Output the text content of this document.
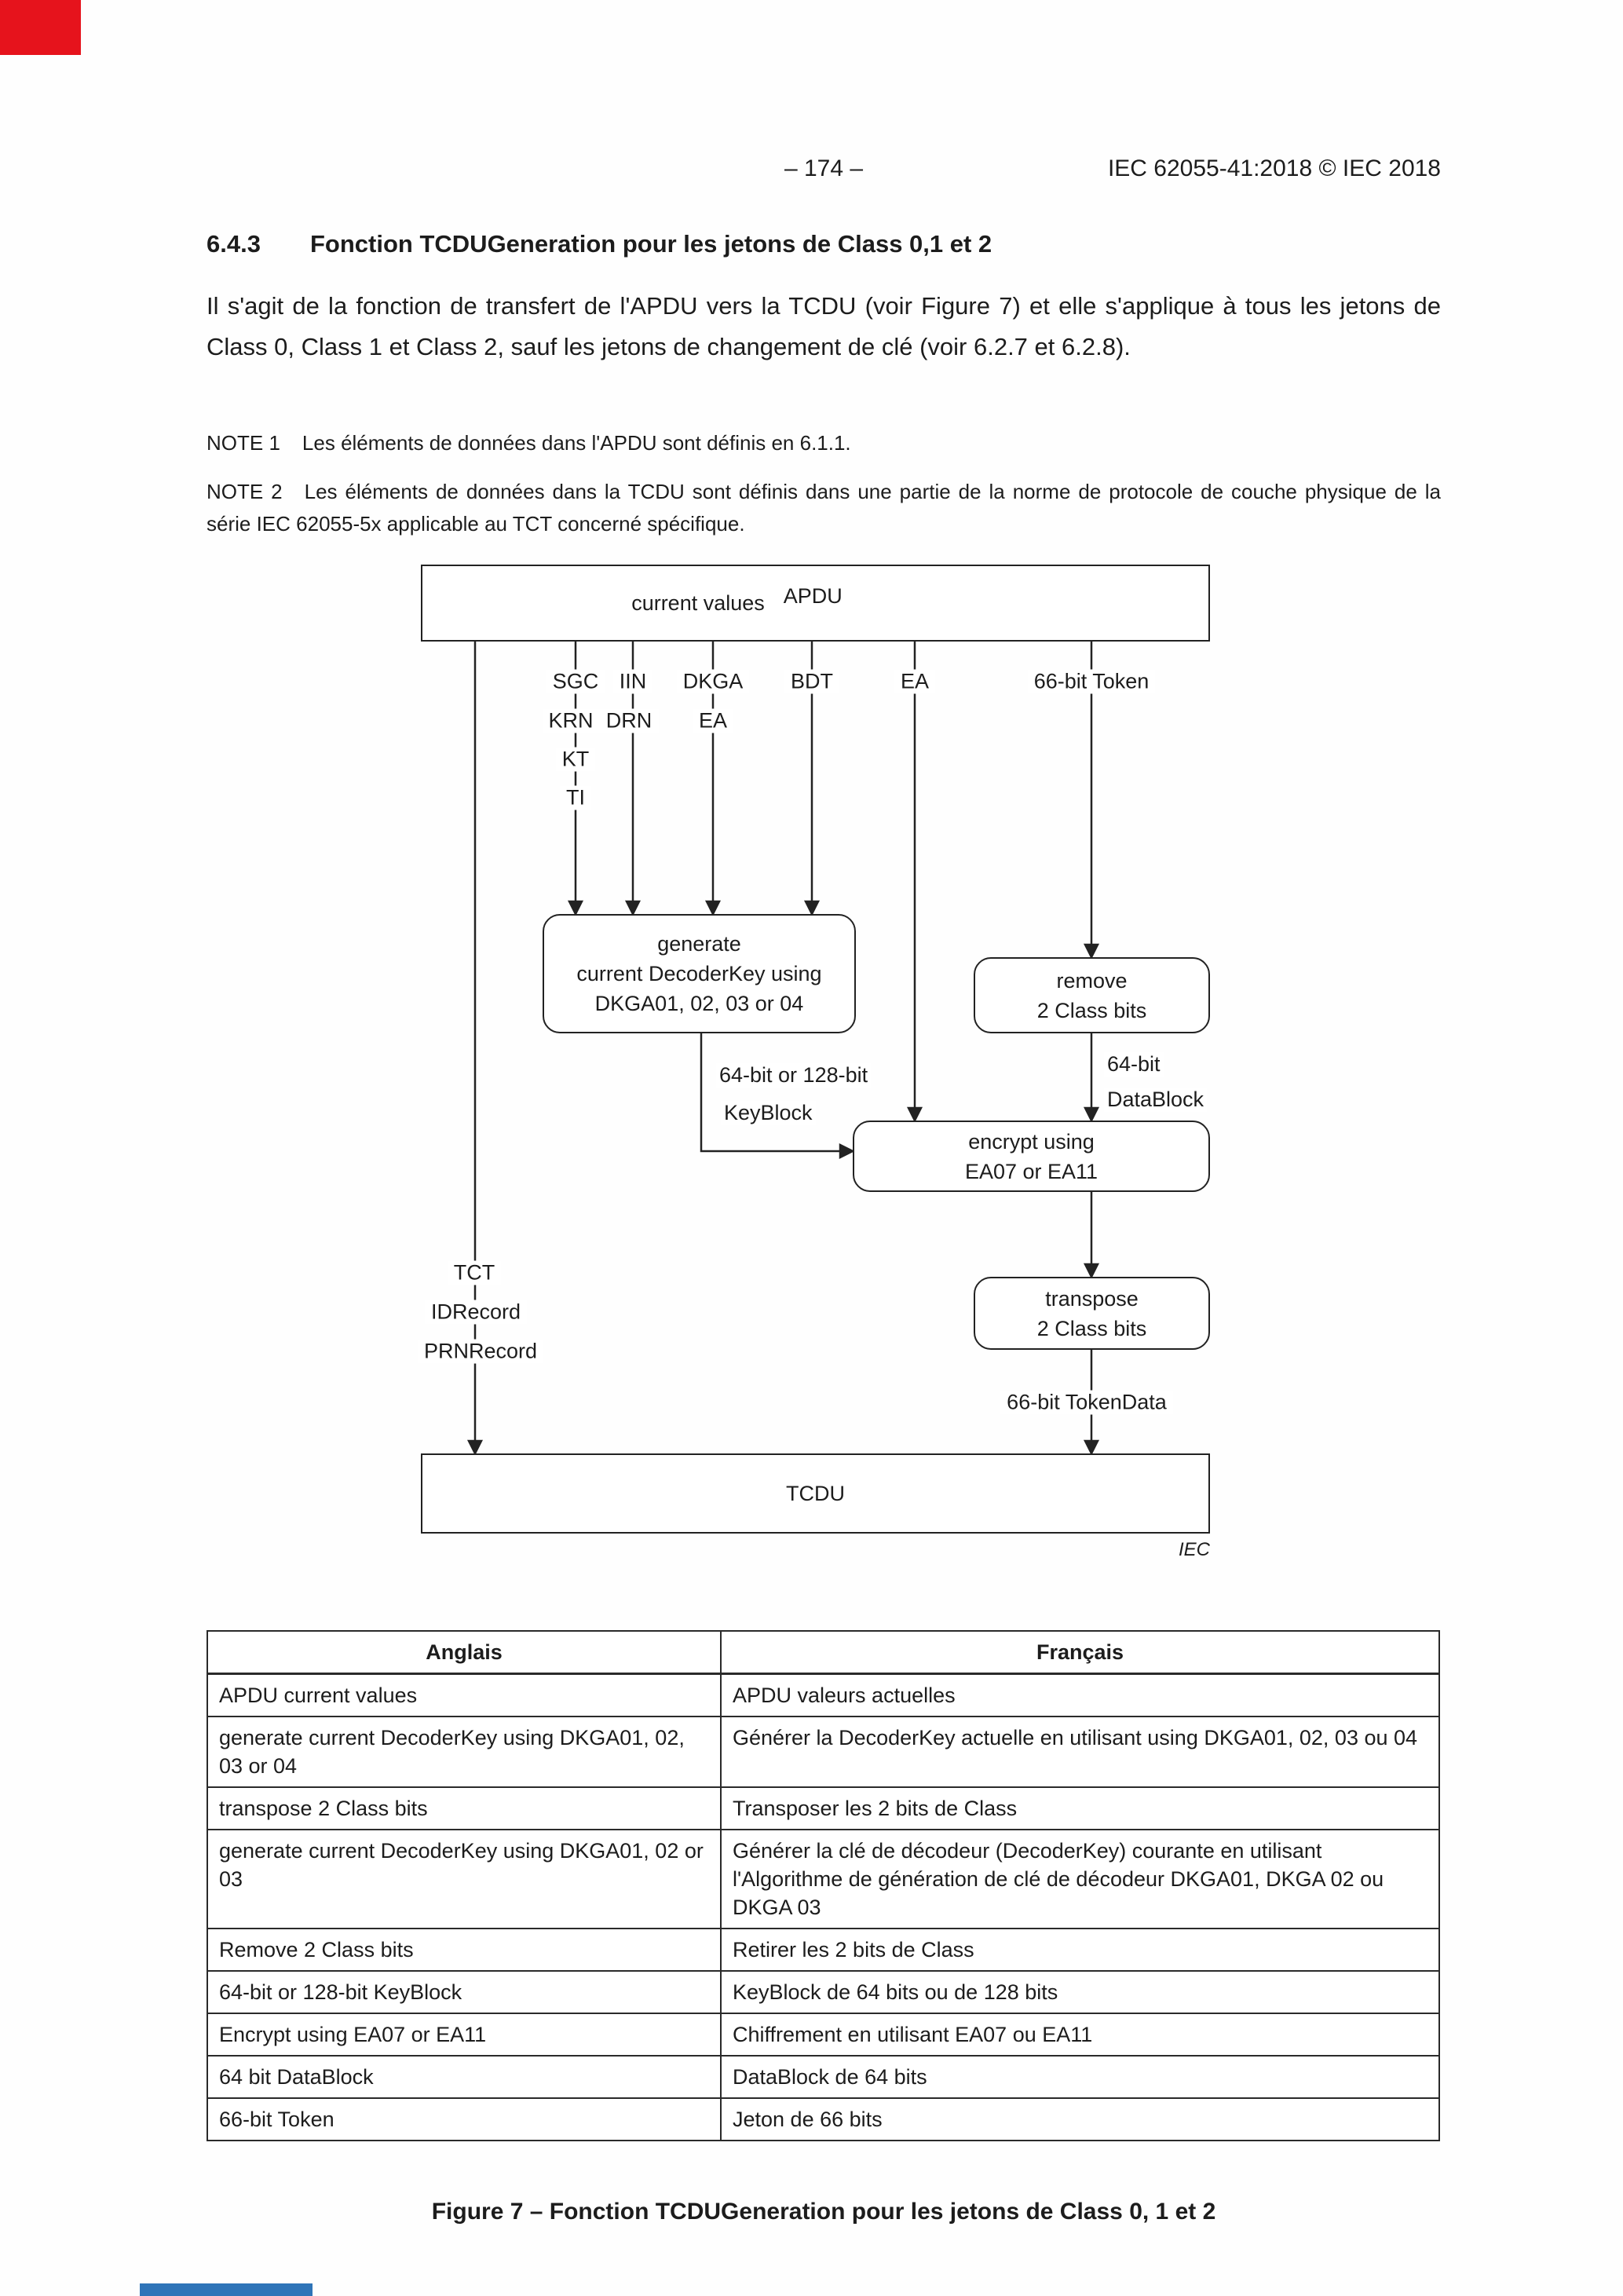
– 174 –	IEC 62055-41:2018 © IEC 2018
6.4.3 Fonction TCDUGeneration pour les jetons de Class 0,1 et 2

Il s'agit de la fonction de transfert de l'APDU vers la TCDU (voir Figure 7) et elle s'applique à tous les jetons de Class 0, Class 1 et Class 2, sauf les jetons de changement de clé (voir 6.2.7 et 6.2.8).

NOTE 1 Les éléments de données dans l'APDU sont définis en 6.1.1.

NOTE 2 Les éléments de données dans la TCDU sont définis dans une partie de la norme de protocole de couche physique de la série IEC 62055-5x applicable au TCT concerné spécifique.

current values APDU
SGC IIN DKGA BDT	EA	66-bit Token
KRN DRN EA
KT
TI
generate
current DecoderKey using
DKGA01, 02, 03 or 04
remove
2 Class bits
64-bit or 128-bit
KeyBlock
64-bit
DataBlock
encrypt using
EA07 or EA11
transpose
2 Class bits
66-bit TokenData
TCT
IDRecord
PRNRecord
TCDU
IEC
Anglais	Français
APDU current values	APDU valeurs actuelles
generate current DecoderKey using DKGA01, 02, 03 or 04	Générer la DecoderKey actuelle en utilisant using DKGA01, 02, 03 ou 04
transpose 2 Class bits	Transposer les 2 bits de Class
generate current DecoderKey using DKGA01, 02 or 03	Générer la clé de décodeur (DecoderKey) courante en utilisant l'Algorithme de génération de clé de décodeur DKGA01, DKGA 02 ou DKGA 03
Remove 2 Class bits	Retirer les 2 bits de Class
64-bit or 128-bit KeyBlock	KeyBlock de 64 bits ou de 128 bits
Encrypt using EA07 or EA11	Chiffrement en utilisant EA07 ou EA11
64 bit DataBlock	DataBlock de 64 bits
66-bit Token	Jeton de 66 bits
Figure 7 – Fonction TCDUGeneration pour les jetons de Class 0, 1 et 2
